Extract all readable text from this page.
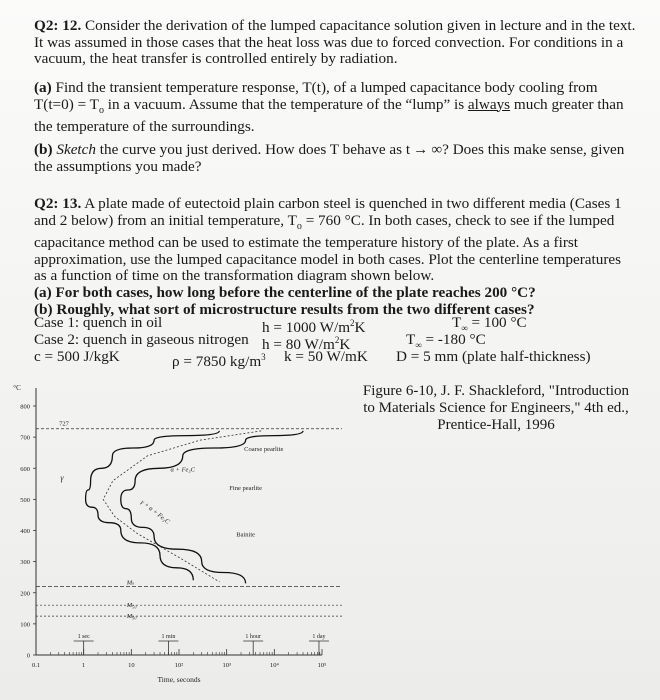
Q2: 12. Consider the derivation of the lumped capacitance solution given in lecture and in the text.
It was assumed in those cases that the heat loss was due to forced convection. For conditions in a
vacuum, the heat transfer is controlled entirely by radiation.
(a) Find the transient temperature response, T(t), of a lumped capacitance body cooling from
$T(t=0) = T_o$ in a vacuum. Assume that the temperature of the “lump” is always much greater than
the temperature of the surroundings.
(b) Sketch the curve you just derived. How does T behave as t → ∞? Does this make sense, given
the assumptions you made?
Q2: 13. A plate made of eutectoid plain carbon steel is quenched in two different media (Cases 1
and 2 below) from an initial temperature, $T_o = 760$ °C. In both cases, check to see if the lumped
capacitance method can be used to estimate the temperature history of the plate. As a first
approximation, use the lumped capacitance model in both cases. Plot the centerline temperatures
as a function of time on the transformation diagram shown below.
(a) For both cases, how long before the centerline of the plate reaches 200 °C?
(b) Roughly, what sort of microstructure results from the two different cases?
Case 1: quench in oil	h = 1000 $W/m^2K$	$T_\infty = 100$ °C
Case 2: quench in gaseous nitrogen h = 80 $W/m^2K$	$T_\infty = -180$ °C
c = 500 J/kgK	ρ = 7850 $kg/m^3$ k = 50 W/mK D = 5 mm (plate half-thickness)
Figure 6-10, J. F. Shackleford, "Introduction
to Materials Science for Engineers," 4th ed.,
Prentice-Hall, 1996
0
100
200
300
400
500
600
700
800
0.1	1	10	10²	10³	10⁴	10⁵
1 sec	1 min	1 hour	1 day
°C
Time, seconds
727
Mₛ
M₅₀
M₉₀
γ
α + Fe₃C
γ + α + Fe₃C
Coarse pearlite
Fine pearlite
Bainite
